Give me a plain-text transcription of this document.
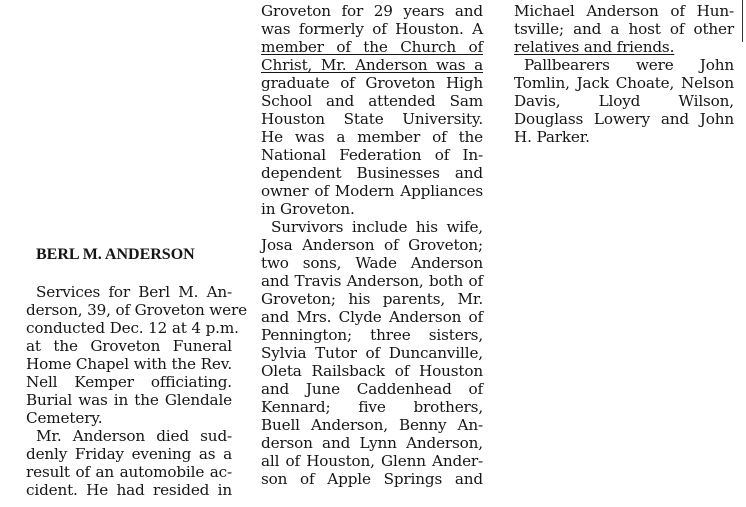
BERL M. ANDERSON
Services for Berl M. An-
derson, 39, of Groveton were
conducted Dec. 12 at 4 p.m.
at the Groveton Funeral
Home Chapel with the Rev.
Nell Kemper officiating.
Burial was in the Glendale
Cemetery.
Mr. Anderson died sud-
denly Friday evening as a
result of an automobile ac-
cident. He had resided in
Groveton for 29 years and
was formerly of Houston. A
member of the Church of
Christ, Mr. Anderson was a
graduate of Groveton High
School and attended Sam
Houston State University.
He was a member of the
National Federation of In-
dependent Businesses and
owner of Modern Appliances
in Groveton.
Survivors include his wife,
Josa Anderson of Groveton;
two sons, Wade Anderson
and Travis Anderson, both of
Groveton; his parents, Mr.
and Mrs. Clyde Anderson of
Pennington; three sisters,
Sylvia Tutor of Duncanville,
Oleta Railsback of Houston
and June Caddenhead of
Kennard; five brothers,
Buell Anderson, Benny An-
derson and Lynn Anderson,
all of Houston, Glenn Ander-
son of Apple Springs and
Michael Anderson of Hun-
tsville; and a host of other
relatives and friends.
Pallbearers were John
Tomlin, Jack Choate, Nelson
Davis, Lloyd Wilson,
Douglass Lowery and John
H. Parker.
